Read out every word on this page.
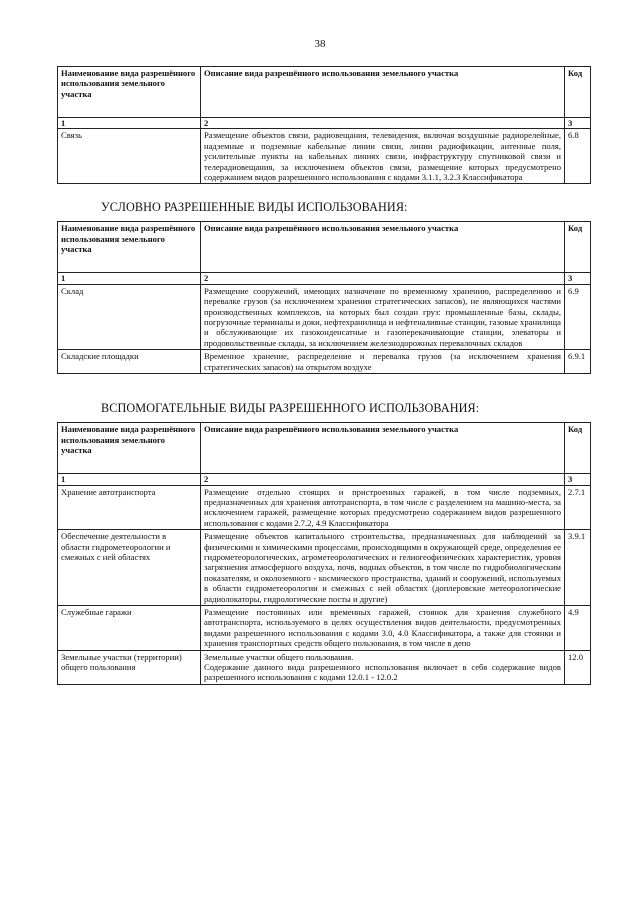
38
Наименование вида разрешённого использования земельного участка	Описание вида разрешённого использования земельного участка	Код
1	2	3
Связь	Размещение объектов связи, радиовещания, телевидения, включая воздушные радиорелейные, надземные и подземные кабельные линии связи, линии радиофикации, антенные поля, усилительные пункты на кабельных линиях связи, инфраструктуру спутниковой связи и телерадиовещания, за исключением объектов связи, размещение которых предусмотрено содержанием видов разрешенного использования с кодами 3.1.1, 3.2.3 Классификатора	6.8
УСЛОВНО РАЗРЕШЕННЫЕ ВИДЫ ИСПОЛЬЗОВАНИЯ:
Наименование вида разрешённого использования земельного участка	Описание вида разрешённого использования земельного участка	Код
1	2	3
Склад	Размещение сооружений, имеющих назначение по временному хранению, распределению и перевалке грузов (за исключением хранения стратегических запасов), не являющихся частями производственных комплексов, на которых был создан груз: промышленные базы, склады, погрузочные терминалы и доки, нефтехранилища и нефтеналивные станции, газовые хранилища и обслуживающие их газоконденсатные и газоперекачивающие станции, элеваторы и продовольственные склады, за исключением железнодорожных перевалочных складов	6.9
Складские площадки	Временное хранение, распределение и перевалка грузов (за исключением хранения стратегических запасов) на открытом воздухе	6.9.1
ВСПОМОГАТЕЛЬНЫЕ ВИДЫ РАЗРЕШЕННОГО ИСПОЛЬЗОВАНИЯ:
Наименование вида разрешённого использования земельного участка	Описание вида разрешённого использования земельного участка	Код
1	2	3
Хранение автотранспорта	Размещение отдельно стоящих и пристроенных гаражей, в том числе подземных, предназначенных для хранения автотранспорта, в том числе с разделением на машино-места, за исключением гаражей, размещение которых предусмотрено содержанием видов разрешенного использования с кодами 2.7.2, 4.9 Классификатора	2.7.1
Обеспечение деятельности в области гидрометеорологии и смежных с ней областях	Размещение объектов капитального строительства, предназначенных для наблюдений за физическими и химическими процессами, происходящими в окружающей среде, определения ее гидрометеорологических, агрометеорологических и гелиогеофизических характеристик, уровня загрязнения атмосферного воздуха, почв, водных объектов, в том числе по гидробиологическим показателям, и околоземного - космического пространства, зданий и сооружений, используемых в области гидрометеорологии и смежных с ней областях (доплеровские метеорологические радиолокаторы, гидрологические посты и другие)	3.9.1
Служебные гаражи	Размещение постоянных или временных гаражей, стоянок для хранения служебного автотранспорта, используемого в целях осуществления видов деятельности, предусмотренных видами разрешенного использования с кодами 3.0, 4.0 Классификатора, а также для стоянки и хранения транспортных средств общего пользования, в том числе в депо	4.9
Земельные участки (территории) общего пользования	Земельные участки общего пользования.
Содержание данного вида разрешенного использования включает в себя содержание видов разрешенного использования с кодами 12.0.1 - 12.0.2	12.0
